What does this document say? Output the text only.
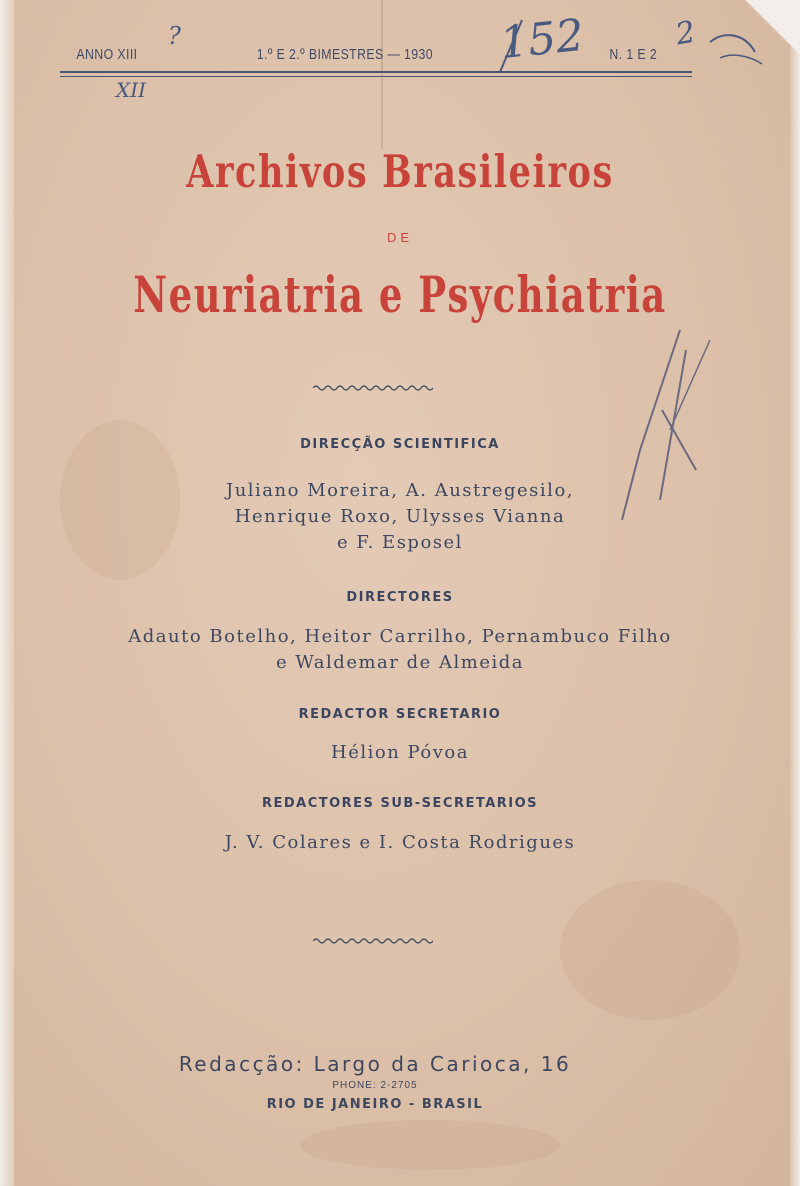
ANNO XIII	1.º E 2.º BIMESTRES — 1930	N. 1 E 2
?	152	2
XII
Archivos Brasileiros
DE
Neuriatria e Psychiatria
DIRECÇÃO SCIENTIFICA
Juliano Moreira, A. Austregesilo,
Henrique Roxo, Ulysses Vianna
e F. Esposel
DIRECTORES
Adauto Botelho, Heitor Carrilho, Pernambuco Filho
e Waldemar de Almeida
REDACTOR SECRETARIO
Hélion Póvoa
REDACTORES SUB-SECRETARIOS
J. V. Colares e I. Costa Rodrigues
Redacção: Largo da Carioca, 16
PHONE: 2-2705
RIO DE JANEIRO - BRASIL
